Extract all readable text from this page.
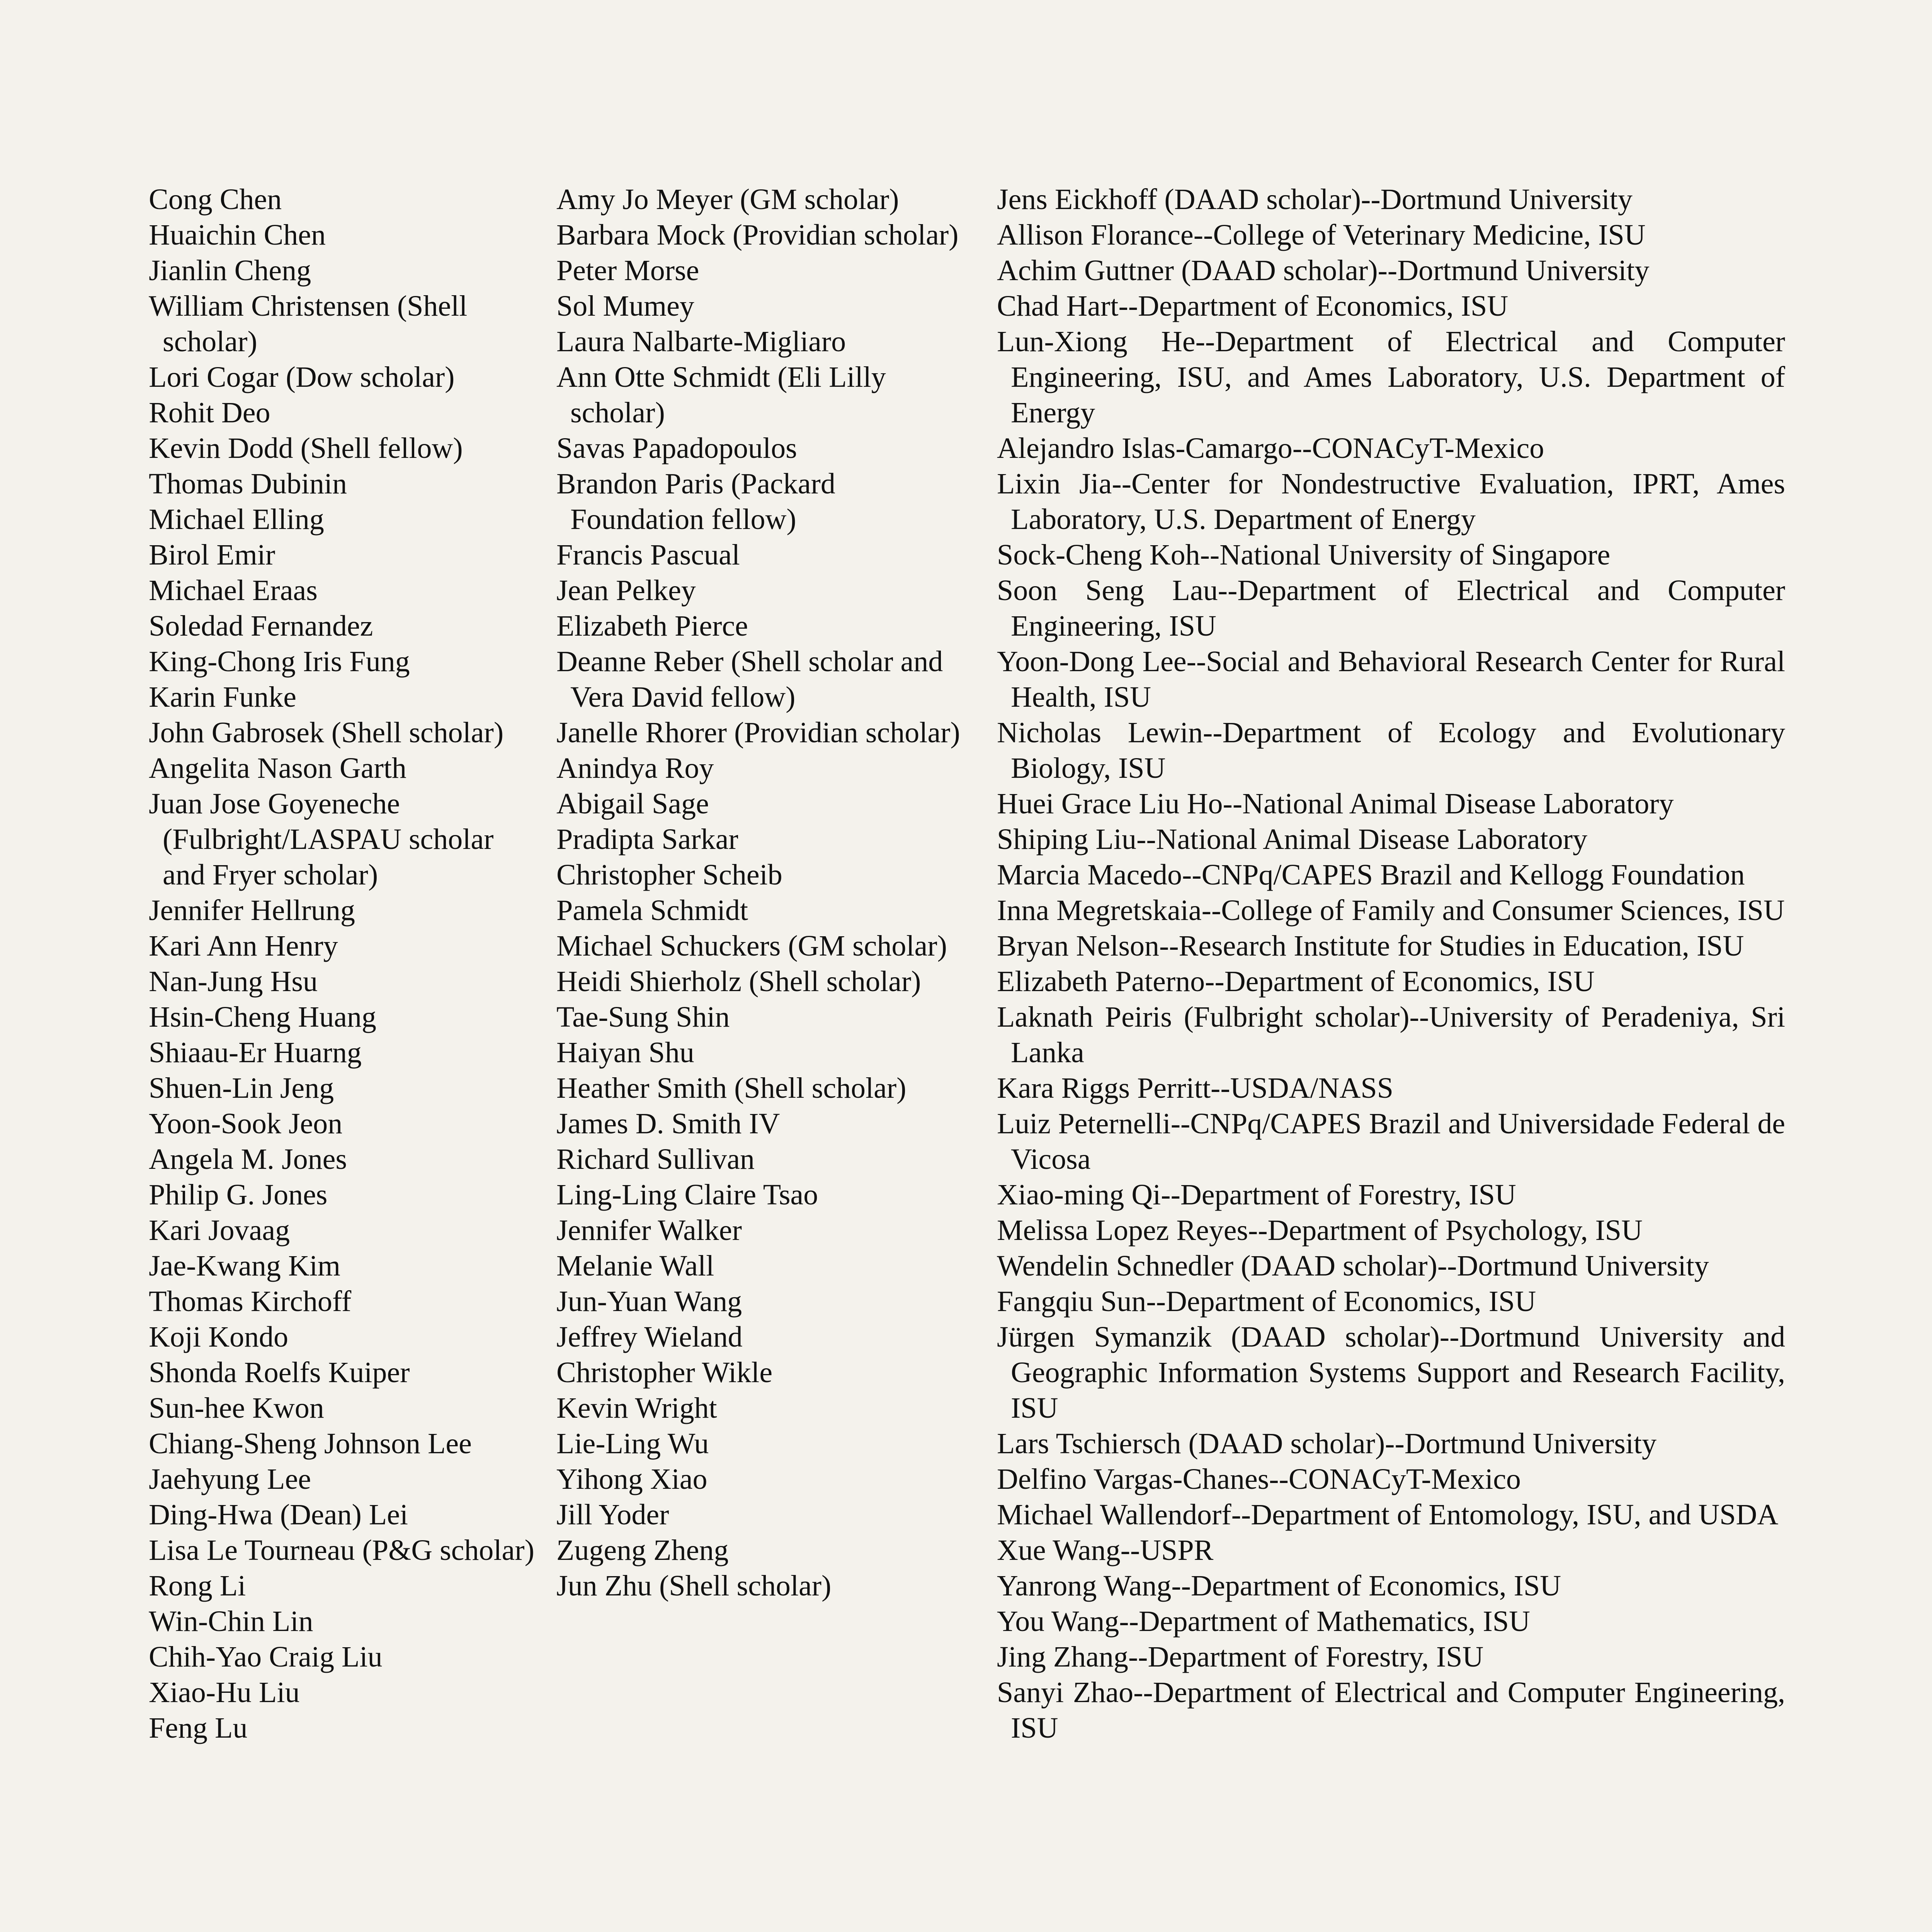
Cong Chen
Huaichin Chen
Jianlin Cheng
William Christensen (Shell scholar)
Lori Cogar (Dow scholar)
Rohit Deo
Kevin Dodd (Shell fellow)
Thomas Dubinin
Michael Elling
Birol Emir
Michael Eraas
Soledad Fernandez
King-Chong Iris Fung
Karin Funke
John Gabrosek (Shell scholar)
Angelita Nason Garth
Juan Jose Goyeneche (Fulbright/LASPAU scholar and Fryer scholar)
Jennifer Hellrung
Kari Ann Henry
Nan-Jung Hsu
Hsin-Cheng Huang
Shiaau-Er Huarng
Shuen-Lin Jeng
Yoon-Sook Jeon
Angela M. Jones
Philip G. Jones
Kari Jovaag
Jae-Kwang Kim
Thomas Kirchoff
Koji Kondo
Shonda Roelfs Kuiper
Sun-hee Kwon
Chiang-Sheng Johnson Lee
Jaehyung Lee
Ding-Hwa (Dean) Lei
Lisa Le Tourneau (P&G scholar)
Rong Li
Win-Chin Lin
Chih-Yao Craig Liu
Xiao-Hu Liu
Feng Lu
Amy Jo Meyer (GM scholar)
Barbara Mock (Providian scholar)
Peter Morse
Sol Mumey
Laura Nalbarte-Migliaro
Ann Otte Schmidt (Eli Lilly scholar)
Savas Papadopoulos
Brandon Paris (Packard Foundation fellow)
Francis Pascual
Jean Pelkey
Elizabeth Pierce
Deanne Reber (Shell scholar and Vera David fellow)
Janelle Rhorer (Providian scholar)
Anindya Roy
Abigail Sage
Pradipta Sarkar
Christopher Scheib
Pamela Schmidt
Michael Schuckers (GM scholar)
Heidi Shierholz (Shell scholar)
Tae-Sung Shin
Haiyan Shu
Heather Smith (Shell scholar)
James D. Smith IV
Richard Sullivan
Ling-Ling Claire Tsao
Jennifer Walker
Melanie Wall
Jun-Yuan Wang
Jeffrey Wieland
Christopher Wikle
Kevin Wright
Lie-Ling Wu
Yihong Xiao
Jill Yoder
Zugeng Zheng
Jun Zhu (Shell scholar)
Jens Eickhoff (DAAD scholar)--Dortmund University
Allison Florance--College of Veterinary Medicine, ISU
Achim Guttner (DAAD scholar)--Dortmund University
Chad Hart--Department of Economics, ISU
Lun-Xiong He--Department of Electrical and Computer Engineering, ISU, and Ames Laboratory, U.S. Department of Energy
Alejandro Islas-Camargo--CONACyT-Mexico
Lixin Jia--Center for Nondestructive Evaluation, IPRT, Ames Laboratory, U.S. Department of Energy
Sock-Cheng Koh--National University of Singapore
Soon Seng Lau--Department of Electrical and Computer Engineering, ISU
Yoon-Dong Lee--Social and Behavioral Research Center for Rural Health, ISU
Nicholas Lewin--Department of Ecology and Evolutionary Biology, ISU
Huei Grace Liu Ho--National Animal Disease Laboratory
Shiping Liu--National Animal Disease Laboratory
Marcia Macedo--CNPq/CAPES Brazil and Kellogg Foundation
Inna Megretskaia--College of Family and Consumer Sciences, ISU
Bryan Nelson--Research Institute for Studies in Education, ISU
Elizabeth Paterno--Department of Economics, ISU
Laknath Peiris (Fulbright scholar)--University of Peradeniya, Sri Lanka
Kara Riggs Perritt--USDA/NASS
Luiz Peternelli--CNPq/CAPES Brazil and Universidade Federal de Vicosa
Xiao-ming Qi--Department of Forestry, ISU
Melissa Lopez Reyes--Department of Psychology, ISU
Wendelin Schnedler (DAAD scholar)--Dortmund University
Fangqiu Sun--Department of Economics, ISU
Jürgen Symanzik (DAAD scholar)--Dortmund University and Geographic Information Systems Support and Research Facility, ISU
Lars Tschiersch (DAAD scholar)--Dortmund University
Delfino Vargas-Chanes--CONACyT-Mexico
Michael Wallendorf--Department of Entomology, ISU, and USDA
Xue Wang--USPR
Yanrong Wang--Department of Economics, ISU
You Wang--Department of Mathematics, ISU
Jing Zhang--Department of Forestry, ISU
Sanyi Zhao--Department of Electrical and Computer Engineering, ISU
